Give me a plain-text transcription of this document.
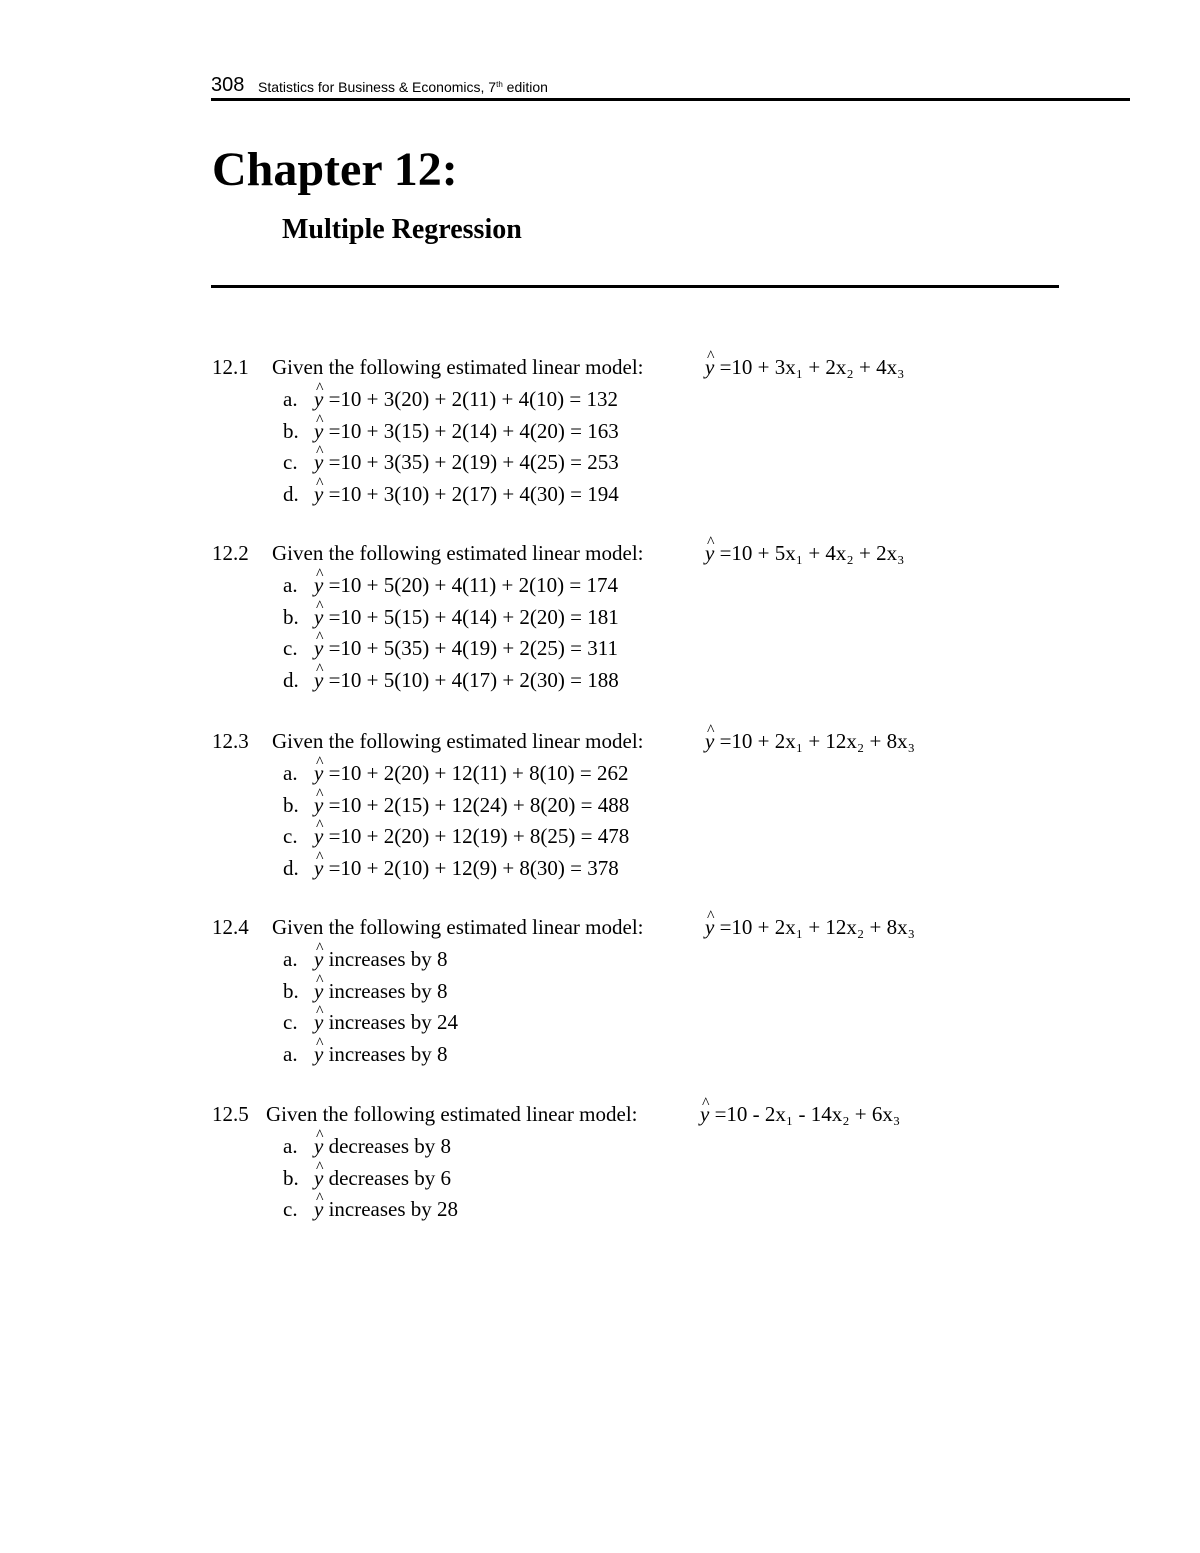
308 Statistics for Business & Economics, 7th edition
Chapter 12:
Multiple Regression
12.1 Given the following estimated linear model:	^ y =10 + 3x₁ + 2x₂ + 4x₃
a. ^ y =10 + 3(20) + 2(11) + 4(10) = 132
b. ^ y =10 + 3(15) + 2(14) + 4(20) = 163
c. ^ y =10 + 3(35) + 2(19) + 4(25) = 253
d. ^ y =10 + 3(10) + 2(17) + 4(30) = 194
12.2 Given the following estimated linear model:	^ y =10 + 5x₁ + 4x₂ + 2x₃
a. ^ y =10 + 5(20) + 4(11) + 2(10) = 174
b. ^ y =10 + 5(15) + 4(14) + 2(20) = 181
c. ^ y =10 + 5(35) + 4(19) + 2(25) = 311
d. ^ y =10 + 5(10) + 4(17) + 2(30) = 188
12.3 Given the following estimated linear model:	^ y =10 + 2x₁ + 12x₂ + 8x₃
a. ^ y =10 + 2(20) + 12(11) + 8(10) = 262
b. ^ y =10 + 2(15) + 12(24) + 8(20) = 488
c. ^ y =10 + 2(20) + 12(19) + 8(25) = 478
d. ^ y =10 + 2(10) + 12(9) + 8(30) = 378
12.4 Given the following estimated linear model:	^ y =10 + 2x₁ + 12x₂ + 8x₃
a. ^ y increases by 8
b. ^ y increases by 8
c. ^ y increases by 24
a. ^ y increases by 8
12.5 Given the following estimated linear model:	^ y =10 - 2x₁ - 14x₂ + 6x₃
a. ^ y decreases by 8
b. ^ y decreases by 6
c. ^ y increases by 28
